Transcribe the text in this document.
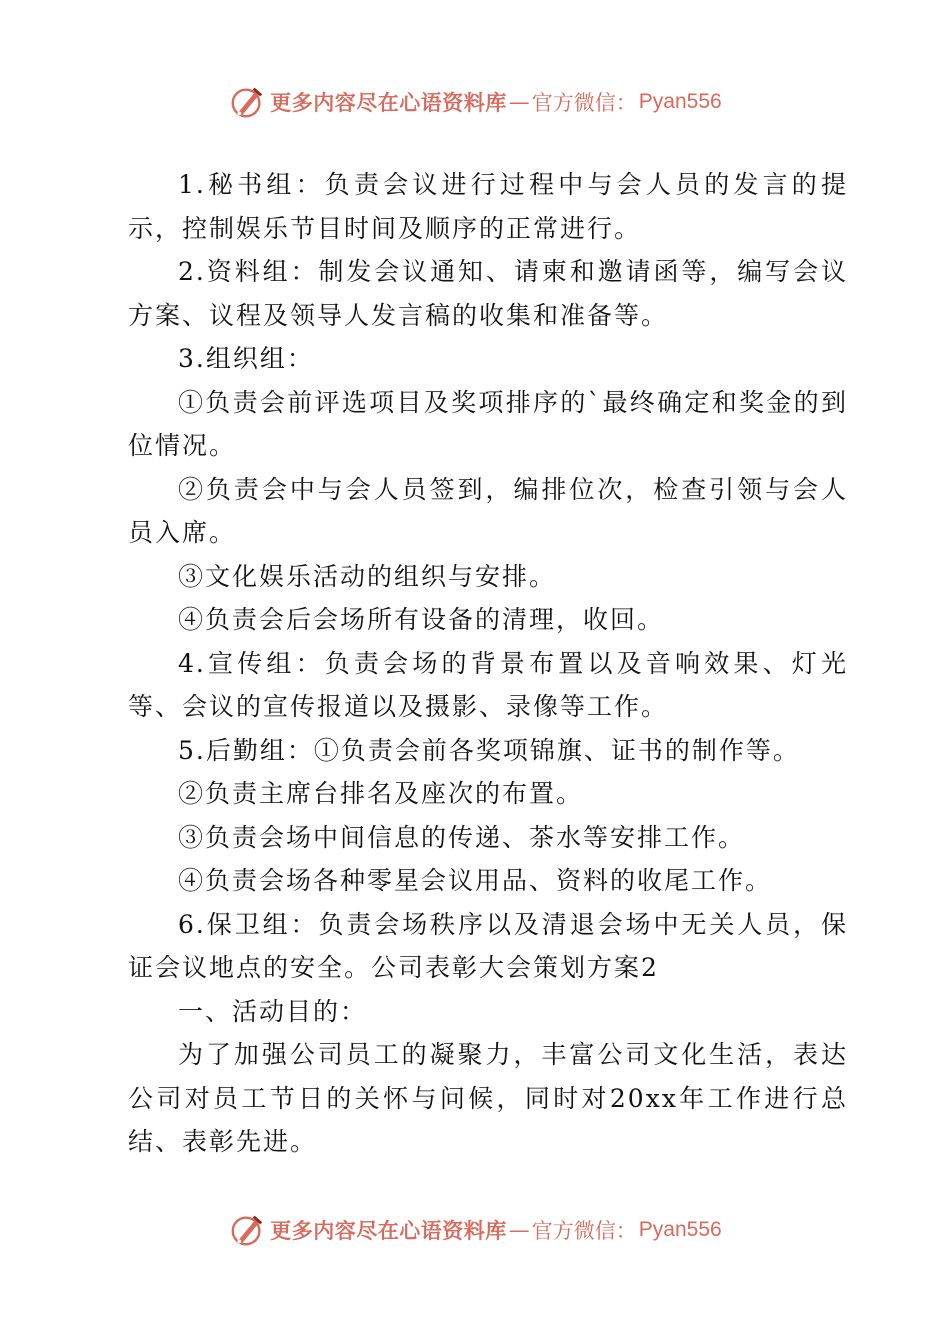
更多内容尽在心语资料库 — 官方微信： Pyan556

1.秘书组：负责会议进行过程中与会人员的发言的提示，控制娱乐节目时间及顺序的正常进行。

2.资料组：制发会议通知、请柬和邀请函等，编写会议方案、议程及领导人发言稿的收集和准备等。

3.组织组：

①负责会前评选项目及奖项排序的`最终确定和奖金的到位情况。

②负责会中与会人员签到，编排位次，检查引领与会人员入席。

③文化娱乐活动的组织与安排。

④负责会后会场所有设备的清理，收回。

4.宣传组：负责会场的背景布置以及音响效果、灯光等、会议的宣传报道以及摄影、录像等工作。

5.后勤组：①负责会前各奖项锦旗、证书的制作等。

②负责主席台排名及座次的布置。

③负责会场中间信息的传递、茶水等安排工作。

④负责会场各种零星会议用品、资料的收尾工作。

6.保卫组：负责会场秩序以及清退会场中无关人员，保证会议地点的安全。公司表彰大会策划方案2

一、活动目的：

为了加强公司员工的凝聚力，丰富公司文化生活，表达公司对员工节日的关怀与问候，同时对20xx年工作进行总结、表彰先进。

更多内容尽在心语资料库 — 官方微信： Pyan556
